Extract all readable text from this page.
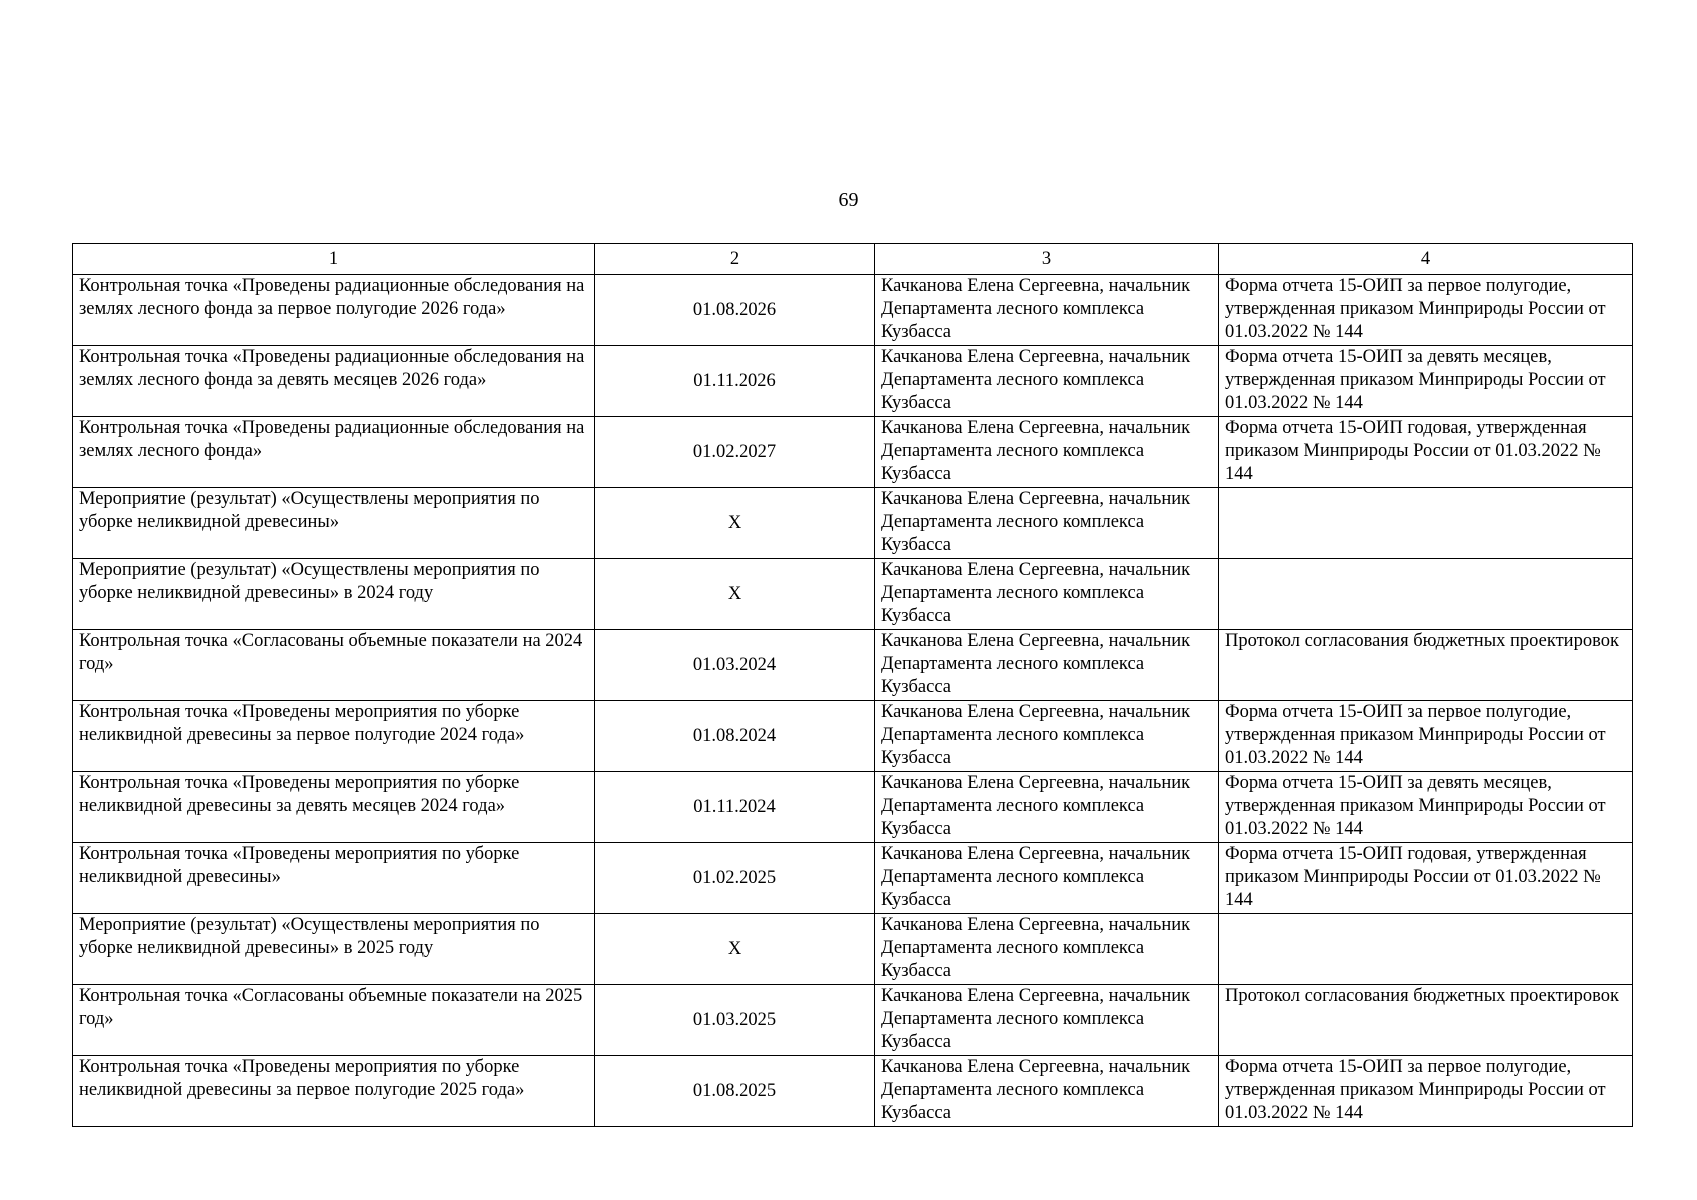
69
1	2	3	4
Контрольная точка «Проведены радиационные обследования на землях лесного фонда за первое полугодие 2026 года»	01.08.2026	Качканова Елена Сергеевна, начальник Департамента лесного комплекса Кузбасса	Форма отчета 15-ОИП за первое полугодие, утвержденная приказом Минприроды России от 01.03.2022 № 144
Контрольная точка «Проведены радиационные обследования на землях лесного фонда за девять месяцев 2026 года»	01.11.2026	Качканова Елена Сергеевна, начальник Департамента лесного комплекса Кузбасса	Форма отчета 15-ОИП за девять месяцев, утвержденная приказом Минприроды России от 01.03.2022 № 144
Контрольная точка «Проведены радиационные обследования на землях лесного фонда»	01.02.2027	Качканова Елена Сергеевна, начальник Департамента лесного комплекса Кузбасса	Форма отчета 15-ОИП годовая, утвержденная приказом Минприроды России от 01.03.2022 № 144
Мероприятие (результат) «Осуществлены мероприятия по уборке неликвидной древесины»	X	Качканова Елена Сергеевна, начальник Департамента лесного комплекса Кузбасса	
Мероприятие (результат) «Осуществлены мероприятия по уборке неликвидной древесины» в 2024 году	X	Качканова Елена Сергеевна, начальник Департамента лесного комплекса Кузбасса	
Контрольная точка «Согласованы объемные показатели на 2024 год»	01.03.2024	Качканова Елена Сергеевна, начальник Департамента лесного комплекса Кузбасса	Протокол согласования бюджетных проектировок
Контрольная точка «Проведены мероприятия по уборке неликвидной древесины за первое полугодие 2024 года»	01.08.2024	Качканова Елена Сергеевна, начальник Департамента лесного комплекса Кузбасса	Форма отчета 15-ОИП за первое полугодие, утвержденная приказом Минприроды России от 01.03.2022 № 144
Контрольная точка «Проведены мероприятия по уборке неликвидной древесины за девять месяцев 2024 года»	01.11.2024	Качканова Елена Сергеевна, начальник Департамента лесного комплекса Кузбасса	Форма отчета 15-ОИП за девять месяцев, утвержденная приказом Минприроды России от 01.03.2022 № 144
Контрольная точка «Проведены мероприятия по уборке неликвидной древесины»	01.02.2025	Качканова Елена Сергеевна, начальник Департамента лесного комплекса Кузбасса	Форма отчета 15-ОИП годовая, утвержденная приказом Минприроды России от 01.03.2022 № 144
Мероприятие (результат) «Осуществлены мероприятия по уборке неликвидной древесины» в 2025 году	X	Качканова Елена Сергеевна, начальник Департамента лесного комплекса Кузбасса	
Контрольная точка «Согласованы объемные показатели на 2025 год»	01.03.2025	Качканова Елена Сергеевна, начальник Департамента лесного комплекса Кузбасса	Протокол согласования бюджетных проектировок
Контрольная точка «Проведены мероприятия по уборке неликвидной древесины за первое полугодие 2025 года»	01.08.2025	Качканова Елена Сергеевна, начальник Департамента лесного комплекса Кузбасса	Форма отчета 15-ОИП за первое полугодие, утвержденная приказом Минприроды России от 01.03.2022 № 144
